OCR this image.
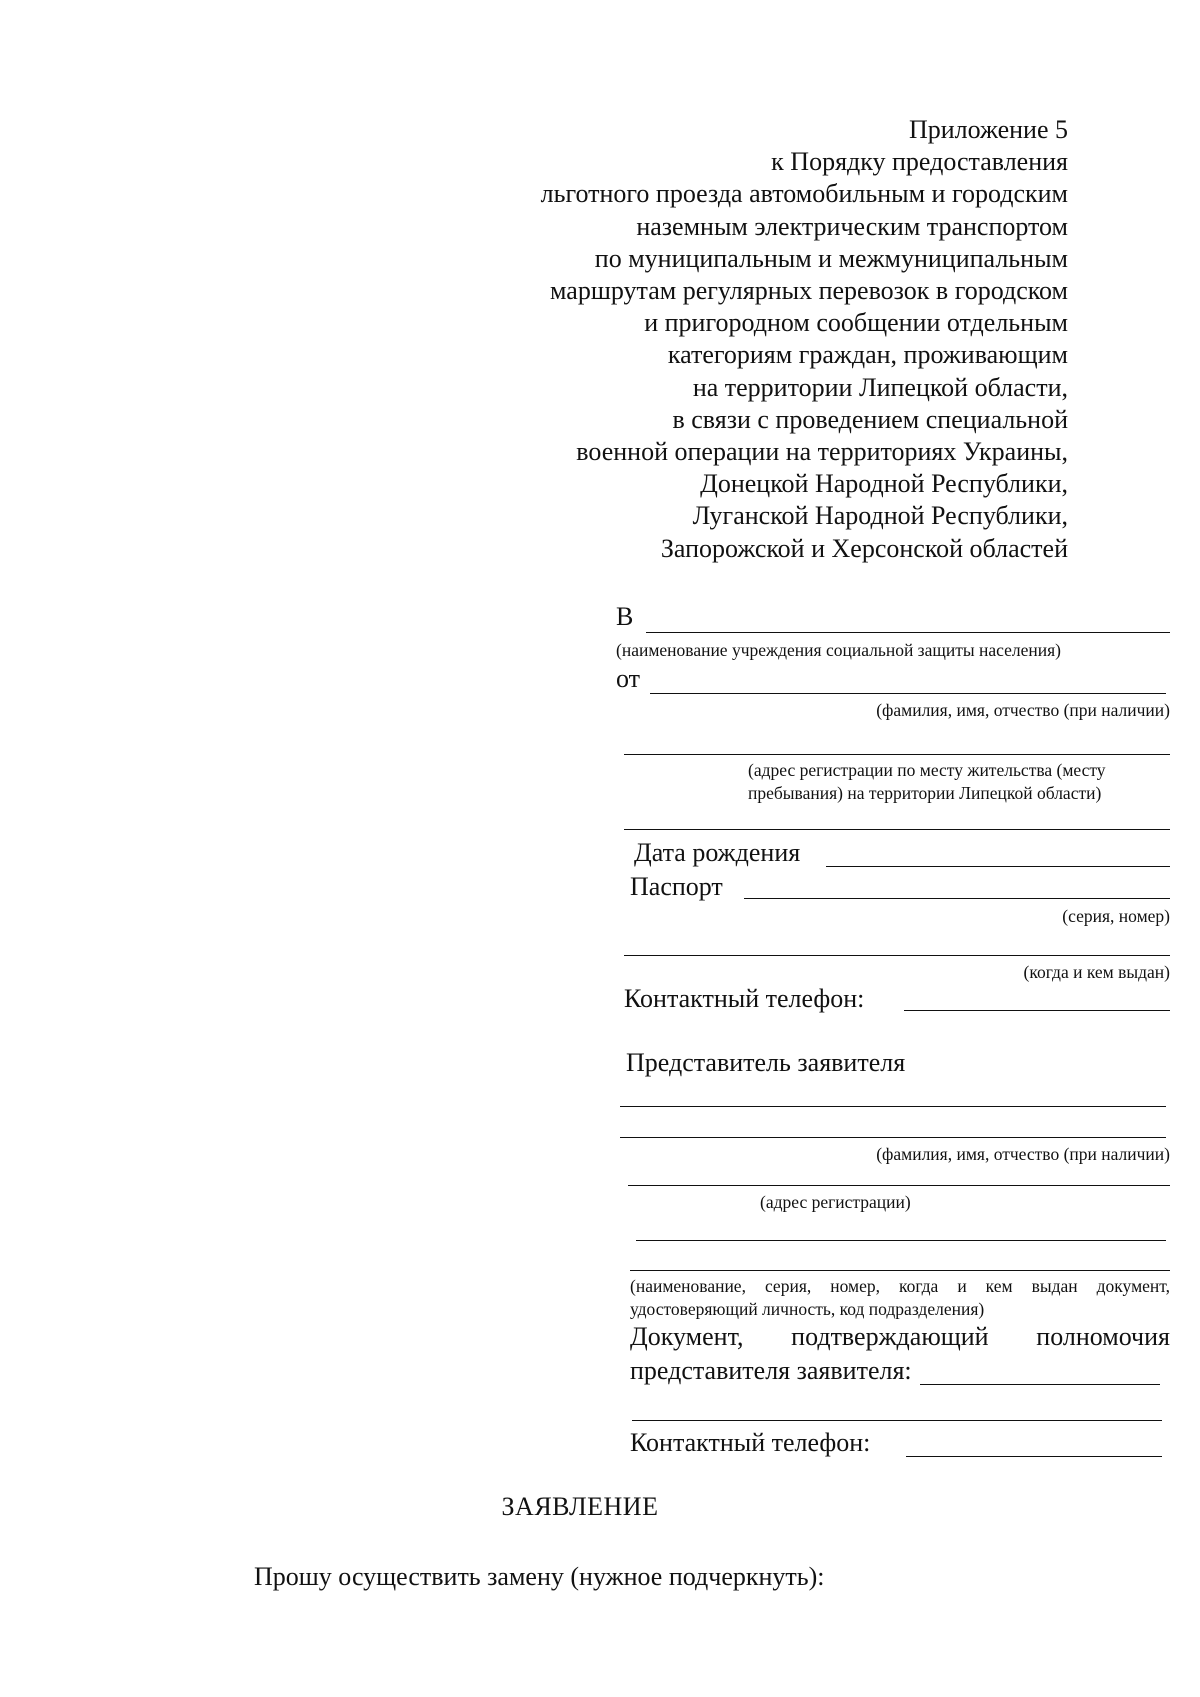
Приложение 5
к Порядку предоставления
льготного проезда автомобильным и городским
наземным электрическим транспортом
по муниципальным и межмуниципальным
маршрутам регулярных перевозок в городском
и пригородном сообщении отдельным
категориям граждан, проживающим
на территории Липецкой области,
в связи с проведением специальной
военной операции на территориях Украины,
Донецкой Народной Республики,
Луганской Народной Республики,
Запорожской и Херсонской областей
В
(наименование учреждения социальной защиты населения)
от
(фамилия, имя, отчество (при наличии)
(адрес регистрации по месту жительства (месту
пребывания) на территории Липецкой области)
Дата рождения
Паспорт
(серия, номер)
(когда и кем выдан)
Контактный телефон:
Представитель заявителя
(фамилия, имя, отчество (при наличии)
(адрес регистрации)
(наименование, серия, номер, когда и кем выдан документ,
удостоверяющий личность, код подразделения)
Документ, подтверждающий полномочия
представителя заявителя:
Контактный телефон:
ЗАЯВЛЕНИЕ
Прошу осуществить замену (нужное подчеркнуть):
